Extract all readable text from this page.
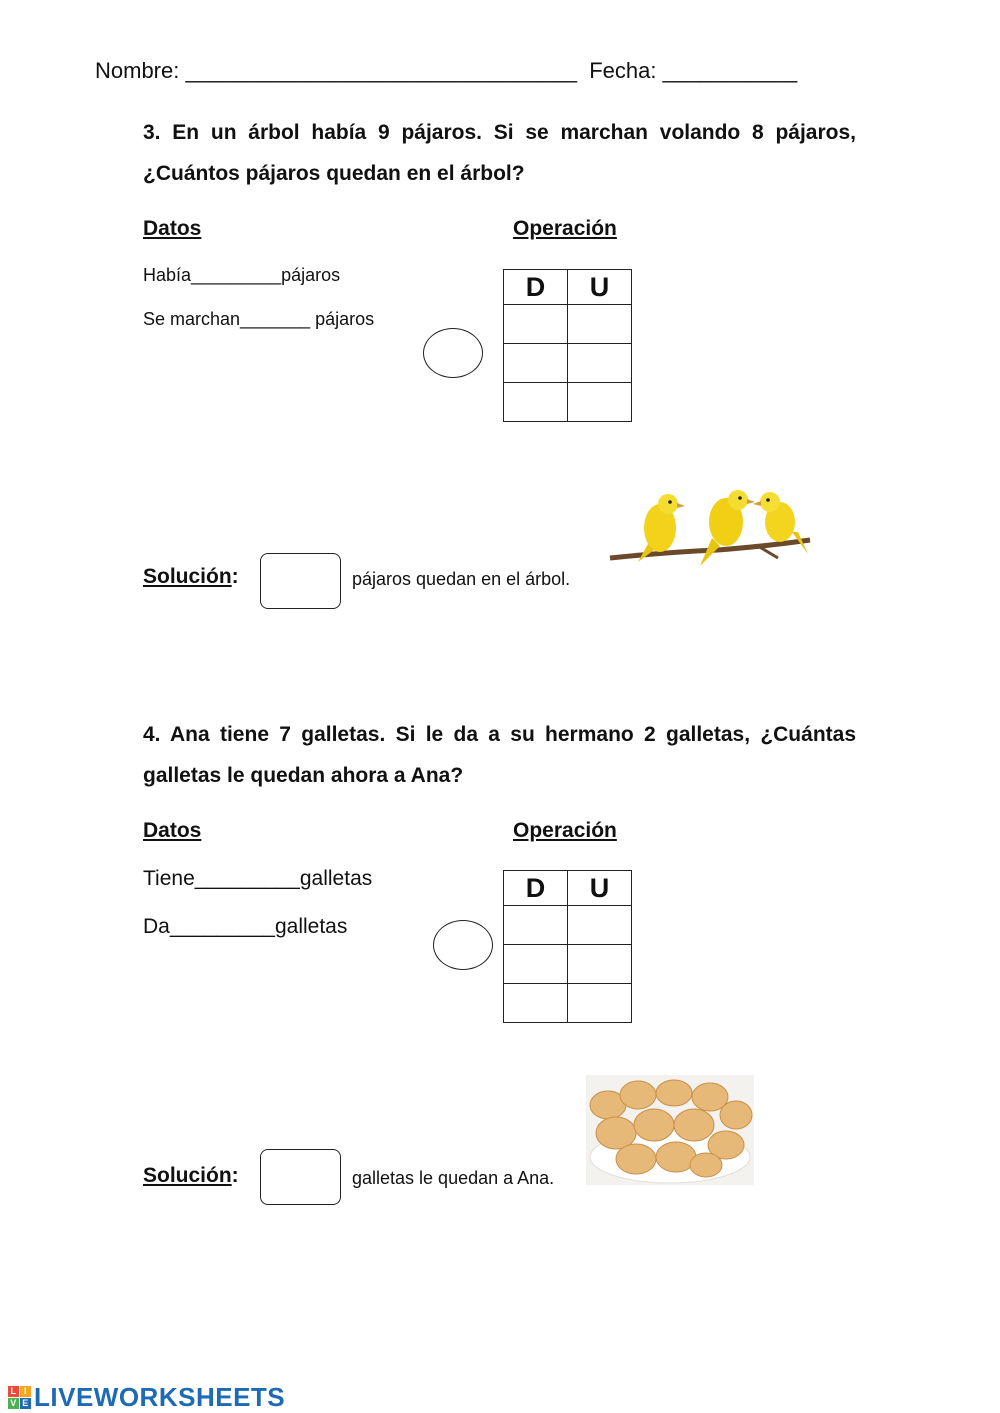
Nombre: ________________________________  Fecha: ___________
3. En un árbol había 9 pájaros. Si se marchan volando 8 pájaros, ¿Cuántos pájaros quedan en el árbol?
Datos	Operación
Había_________pájaros
Se marchan_______ pájaros
D	U

Solución:	pájaros quedan en el árbol.
4. Ana tiene 7 galletas. Si le da a su hermano 2 galletas, ¿Cuántas galletas le quedan ahora a Ana?
Datos	Operación
Tiene_________galletas
Da_________galletas
D	U

Solución:	galletas le quedan a Ana.
L I
V E LIVEWORKSHEETS
